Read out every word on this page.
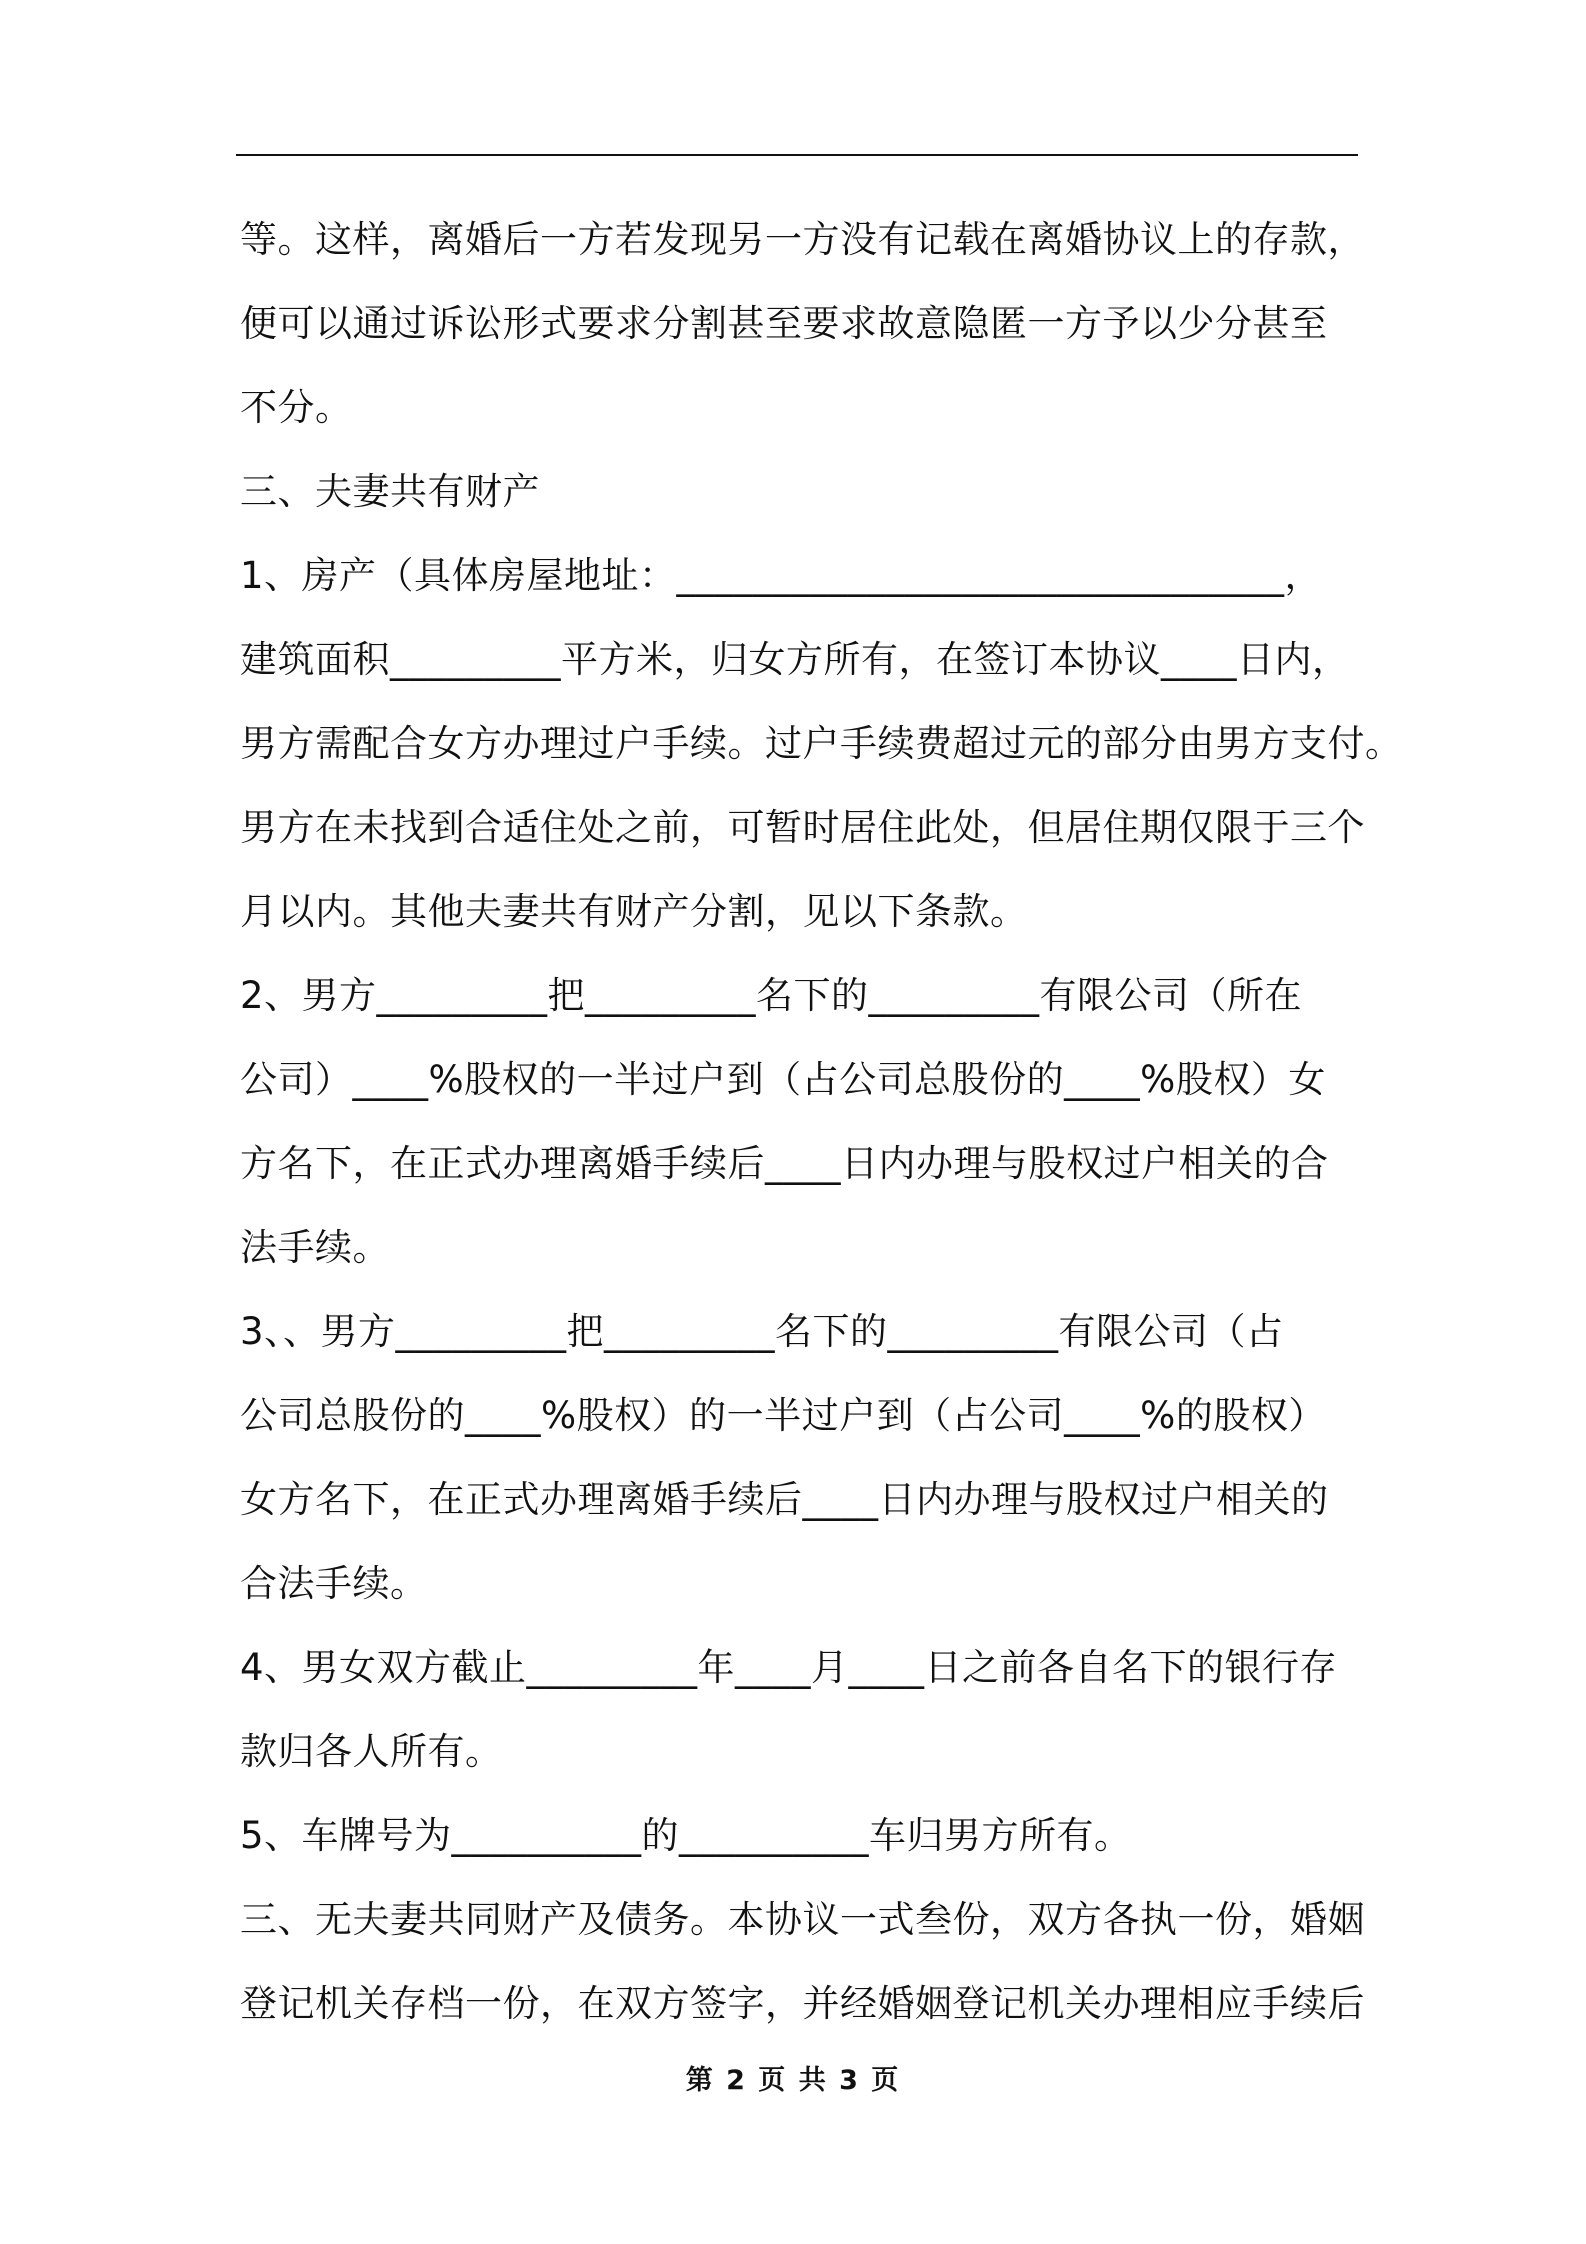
等。这样，离婚后一方若发现另一方没有记载在离婚协议上的存款，
便可以通过诉讼形式要求分割甚至要求故意隐匿一方予以少分甚至
不分。
三、夫妻共有财产
1、房产（具体房屋地址：________________________________，
建筑面积_________平方米，归女方所有，在签订本协议____日内，
男方需配合女方办理过户手续。过户手续费超过元的部分由男方支付。
男方在未找到合适住处之前，可暂时居住此处，但居住期仅限于三个
月以内。其他夫妻共有财产分割，见以下条款。
2、男方_________把_________名下的_________有限公司（所在
公司）____%股权的一半过户到（占公司总股份的____%股权）女
方名下，在正式办理离婚手续后____日内办理与股权过户相关的合
法手续。
3、、男方_________把_________名下的_________有限公司（占
公司总股份的____%股权）的一半过户到（占公司____%的股权）
女方名下，在正式办理离婚手续后____日内办理与股权过户相关的
合法手续。
4、男女双方截止_________年____月____日之前各自名下的银行存
款归各人所有。
5、车牌号为__________的__________车归男方所有。
三、无夫妻共同财产及债务。本协议一式叁份，双方各执一份，婚姻
登记机关存档一份，在双方签字，并经婚姻登记机关办理相应手续后
第 2 页 共 3 页
